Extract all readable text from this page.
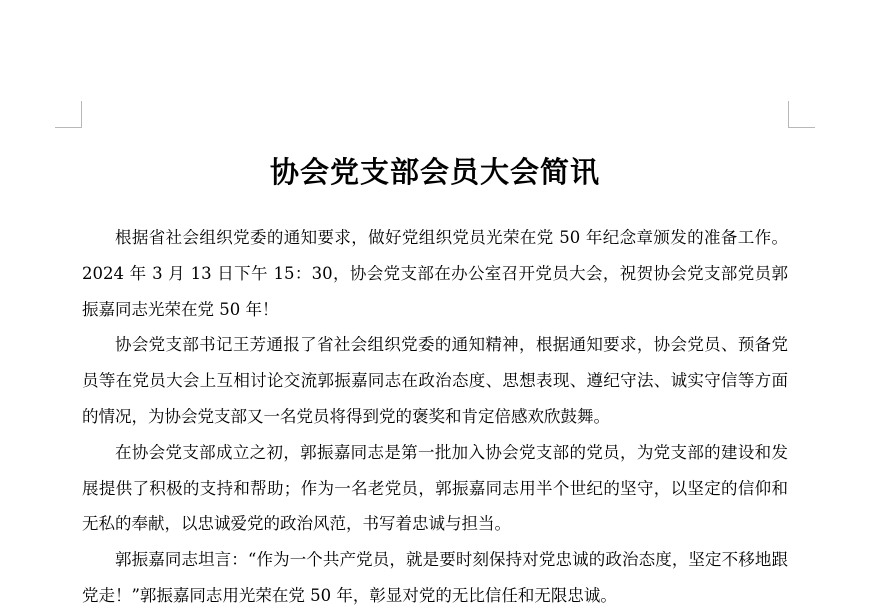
协会党支部会员大会简讯

根据省社会组织党委的通知要求，做好党组织党员光荣在党 50 年纪念章颁发的准备工作。2024 年 3 月 13 日下午 15：30，协会党支部在办公室召开党员大会，祝贺协会党支部党员郭振嘉同志光荣在党 50 年！

协会党支部书记王芳通报了省社会组织党委的通知精神，根据通知要求，协会党员、预备党员等在党员大会上互相讨论交流郭振嘉同志在政治态度、思想表现、遵纪守法、诚实守信等方面的情况，为协会党支部又一名党员将得到党的褒奖和肯定倍感欢欣鼓舞。

在协会党支部成立之初，郭振嘉同志是第一批加入协会党支部的党员，为党支部的建设和发展提供了积极的支持和帮助；作为一名老党员，郭振嘉同志用半个世纪的坚守，以坚定的信仰和无私的奉献，以忠诚爱党的政治风范，书写着忠诚与担当。

郭振嘉同志坦言：“作为一个共产党员，就是要时刻保持对党忠诚的政治态度，坚定不移地跟党走！”郭振嘉同志用光荣在党 50 年，彰显对党的无比信任和无限忠诚。
